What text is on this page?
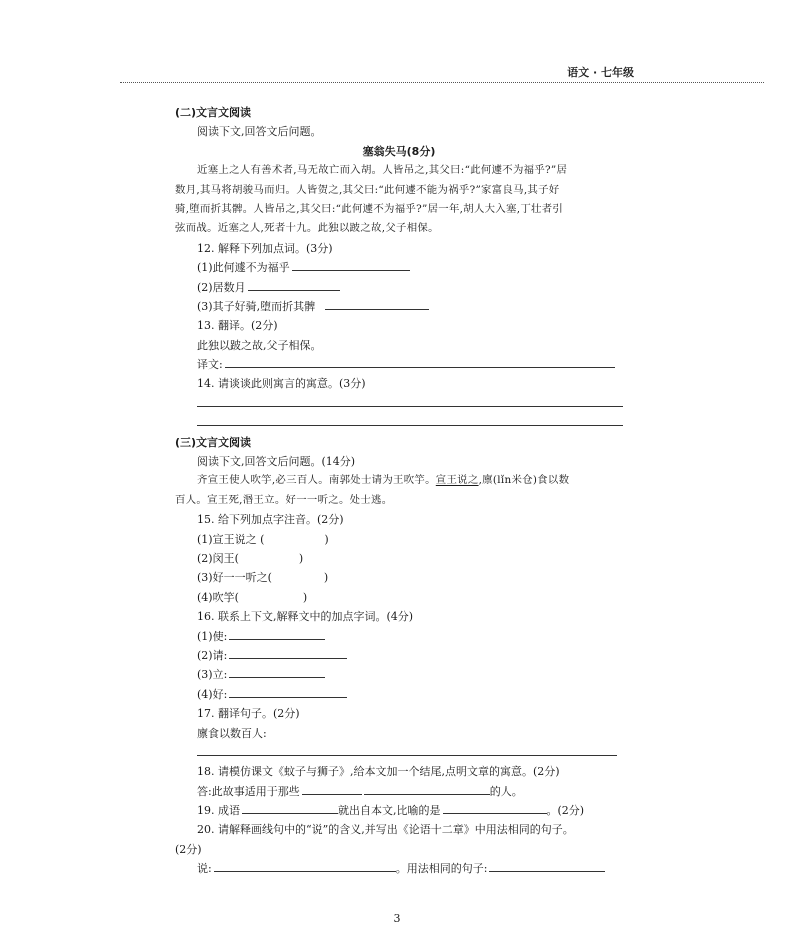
语文 · 七年级
(二)文言文阅读
阅读下文,回答文后问题。
塞翁失马(8分)
近塞上之人有善术者,马无故亡而入胡。人皆吊之,其父曰:“此何遽不为福乎?”居
数月,其马将胡骏马而归。人皆贺之,其父曰:“此何遽不能为祸乎?”家富良马,其子好
骑,堕而折其髀。人皆吊之,其父曰:“此何遽不为福乎?”居一年,胡人大入塞,丁壮者引
弦而战。近塞之人,死者十九。此独以跛之故,父子相保。
12. 解释下列加点词。(3分)
(1)此何遽不为福乎
(2)居数月
(3)其子好骑,堕而折其髀
13. 翻译。(2分)
此独以跛之故,父子相保。
译文:
14. 请谈谈此则寓言的寓意。(3分)
(三)文言文阅读
阅读下文,回答文后问题。(14分)
齐宣王使人吹竽,必三百人。南郭处士请为王吹竽。宣王说之,廪(lǐn米仓)食以数
百人。宣王死,湣王立。好一一听之。处士逃。
15. 给下列加点字注音。(2分)
(1)宣王说之 (	)
(2)闵王(	)
(3)好一一听之(	)
(4)吹竽(	)
16. 联系上下文,解释文中的加点字词。(4分)
(1)使:
(2)请:
(3)立:
(4)好:
17. 翻译句子。(2分)
廪食以数百人:
18. 请模仿课文《蚊子与狮子》,给本文加一个结尾,点明文章的寓意。(2分)
答:此故事适用于那些	的人。
19. 成语	就出自本文,比喻的是	。(2分)
20. 请解释画线句中的“说”的含义,并写出《论语十二章》中用法相同的句子。
(2分)
说:	。用法相同的句子:
3
